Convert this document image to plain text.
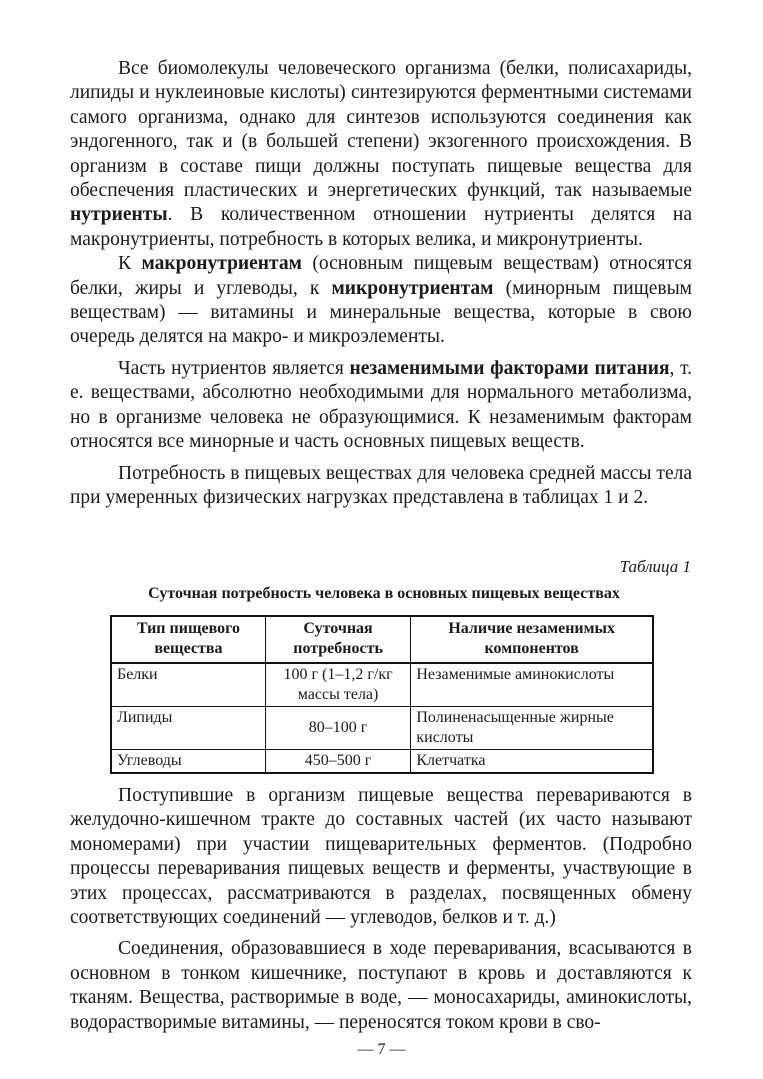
Все биомолекулы человеческого организма (белки, полисахариды, липиды и нуклеиновые кислоты) синтезируются ферментными системами самого организма, однако для синтезов используются соединения как эндогенного, так и (в большей степени) экзогенного происхождения. В организм в составе пищи должны поступать пищевые вещества для обеспечения пластических и энергетических функций, так называемые нутриенты. В количественном отношении нутриенты делятся на макронутриенты, потребность в которых велика, и микронутриенты.

К макронутриентам (основным пищевым веществам) относятся белки, жиры и углеводы, к микронутриентам (минорным пищевым веществам) — витамины и минеральные вещества, которые в свою очередь делятся на макро- и микроэлементы.

Часть нутриентов является незаменимыми факторами питания, т. е. веществами, абсолютно необходимыми для нормального метаболизма, но в организме человека не образующимися. К незаменимым факторам относятся все минорные и часть основных пищевых веществ.

Потребность в пищевых веществах для человека средней массы тела при умеренных физических нагрузках представлена в таблицах 1 и 2.

Таблица 1
Суточная потребность человека в основных пищевых веществах
Тип пищевого вещества	Суточная потребность	Наличие незаменимых компонентов
Белки	100 г (1–1,2 г/кг массы тела)	Незаменимые аминокислоты
Липиды	80–100 г	Полиненасыщенные жирные кислоты
Углеводы	450–500 г	Клетчатка

Поступившие в организм пищевые вещества перевариваются в желудочно-кишечном тракте до составных частей (их часто называют мономерами) при участии пищеварительных ферментов. (Подробно процессы переваривания пищевых веществ и ферменты, участвующие в этих процессах, рассматриваются в разделах, посвященных обмену соответствующих соединений — углеводов, белков и т. д.)

Соединения, образовавшиеся в ходе переваривания, всасываются в основном в тонком кишечнике, поступают в кровь и доставляются к тканям. Вещества, растворимые в воде, — моносахариды, аминокислоты, водорастворимые витамины, — переносятся током крови в сво-

— 7 —
